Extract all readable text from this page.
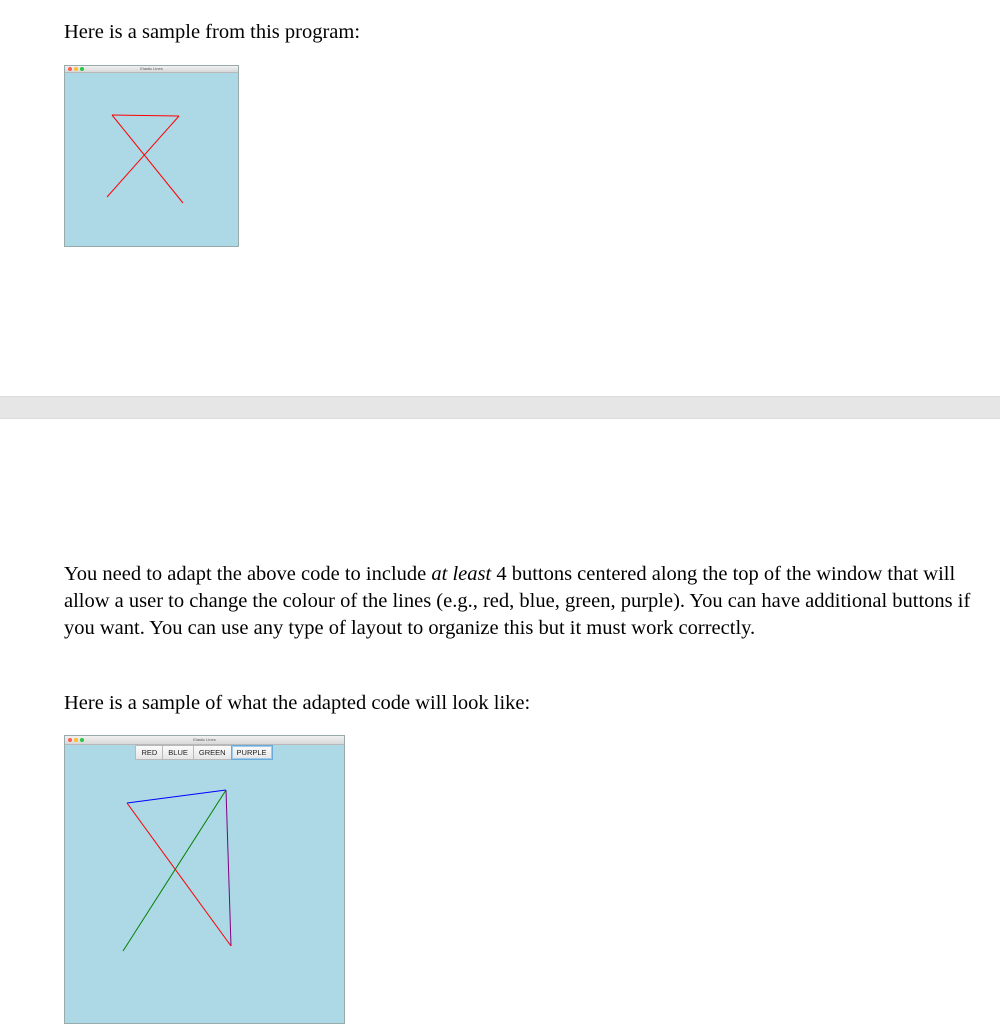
Here is a sample from this program:

Elastic Lines

You need to adapt the above code to include at least 4 buttons centered along the top of the window that will allow a user to change the colour of the lines (e.g., red, blue, green, purple). You can have additional buttons if you want. You can use any type of layout to organize this but it must work correctly.

Here is a sample of what the adapted code will look like:

Elastic Lines
RED	BLUE	GREEN	PURPLE
